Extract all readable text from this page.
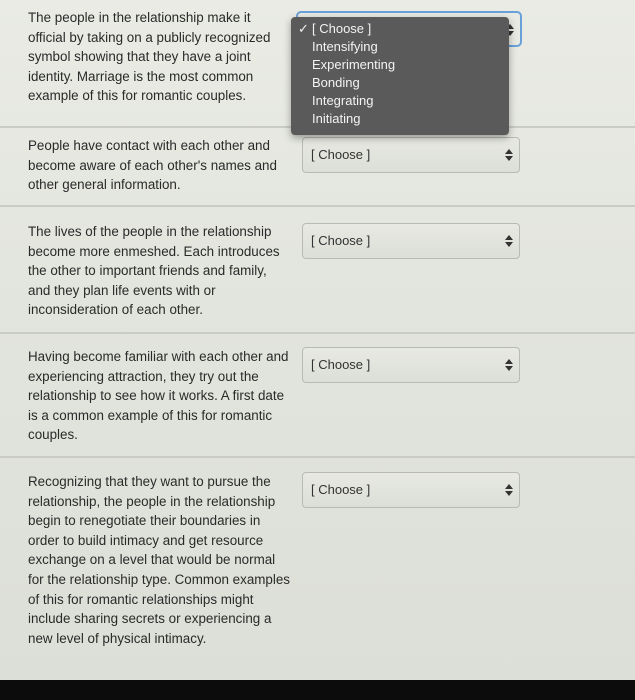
The people in the relationship make it
official by taking on a publicly recognized
symbol showing that they have a joint
identity. Marriage is the most common
example of this for romantic couples.
People have contact with each other and
become aware of each other's names and
other general information.
[ Choose ]
The lives of the people in the relationship
become more enmeshed. Each introduces
the other to important friends and family,
and they plan life events with or
inconsideration of each other.
[ Choose ]
Having become familiar with each other and
experiencing attraction, they try out the
relationship to see how it works. A first date
is a common example of this for romantic
couples.
[ Choose ]
Recognizing that they want to pursue the
relationship, the people in the relationship
begin to renegotiate their boundaries in
order to build intimacy and get resource
exchange on a level that would be normal
for the relationship type. Common examples
of this for romantic relationships might
include sharing secrets or experiencing a
new level of physical intimacy.
[ Choose ]
✓ [ Choose ]
Intensifying
Experimenting
Bonding
Integrating
Initiating
